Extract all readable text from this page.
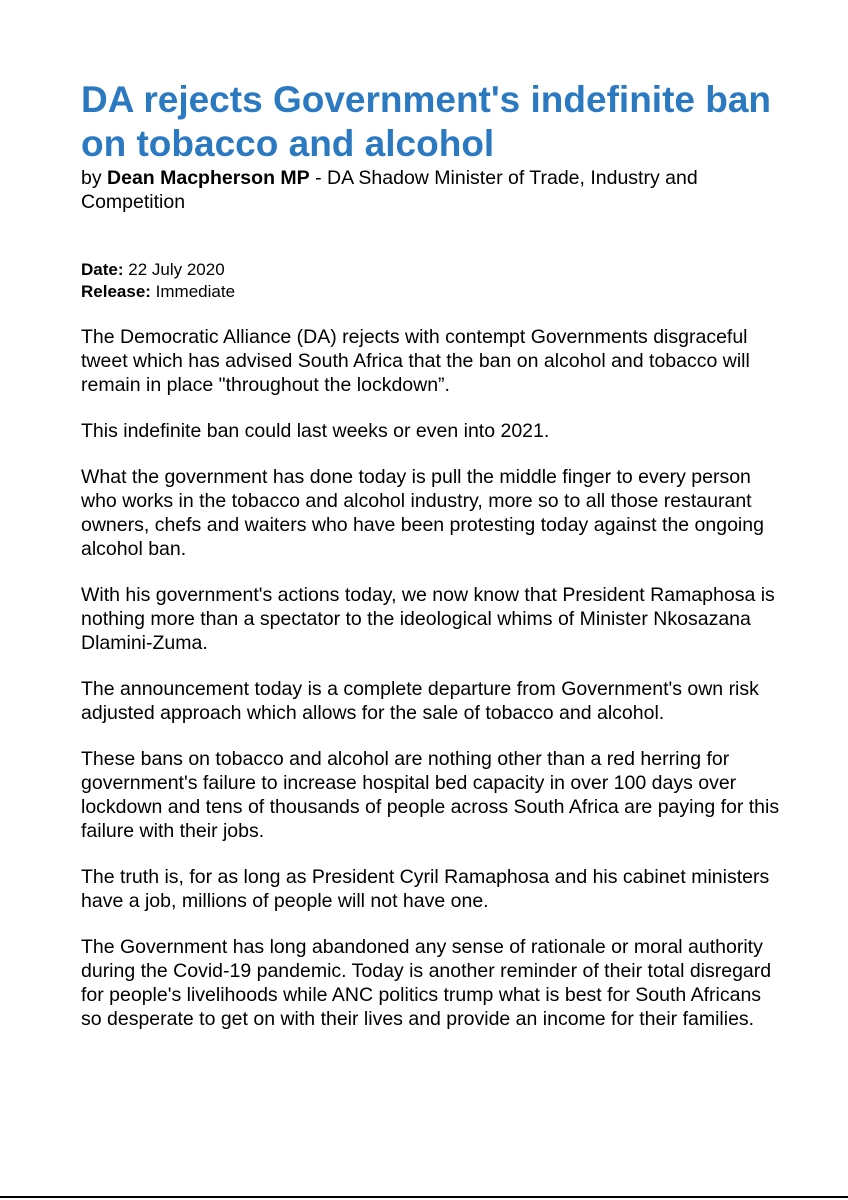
DA rejects Government's indefinite ban on tobacco and alcohol

by Dean Macpherson MP - DA Shadow Minister of Trade, Industry and Competition

Date: 22 July 2020
Release: Immediate

The Democratic Alliance (DA) rejects with contempt Governments disgraceful tweet which has advised South Africa that the ban on alcohol and tobacco will remain in place "throughout the lockdown”.

This indefinite ban could last weeks or even into 2021.

What the government has done today is pull the middle finger to every person who works in the tobacco and alcohol industry, more so to all those restaurant owners, chefs and waiters who have been protesting today against the ongoing alcohol ban.

With his government's actions today, we now know that President Ramaphosa is nothing more than a spectator to the ideological whims of Minister Nkosazana Dlamini-Zuma.

The announcement today is a complete departure from Government's own risk adjusted approach which allows for the sale of tobacco and alcohol.

These bans on tobacco and alcohol are nothing other than a red herring for government's failure to increase hospital bed capacity in over 100 days over lockdown and tens of thousands of people across South Africa are paying for this failure with their jobs.

The truth is, for as long as President Cyril Ramaphosa and his cabinet ministers have a job, millions of people will not have one.

The Government has long abandoned any sense of rationale or moral authority during the Covid-19 pandemic. Today is another reminder of their total disregard for people's livelihoods while ANC politics trump what is best for South Africans so desperate to get on with their lives and provide an income for their families.
